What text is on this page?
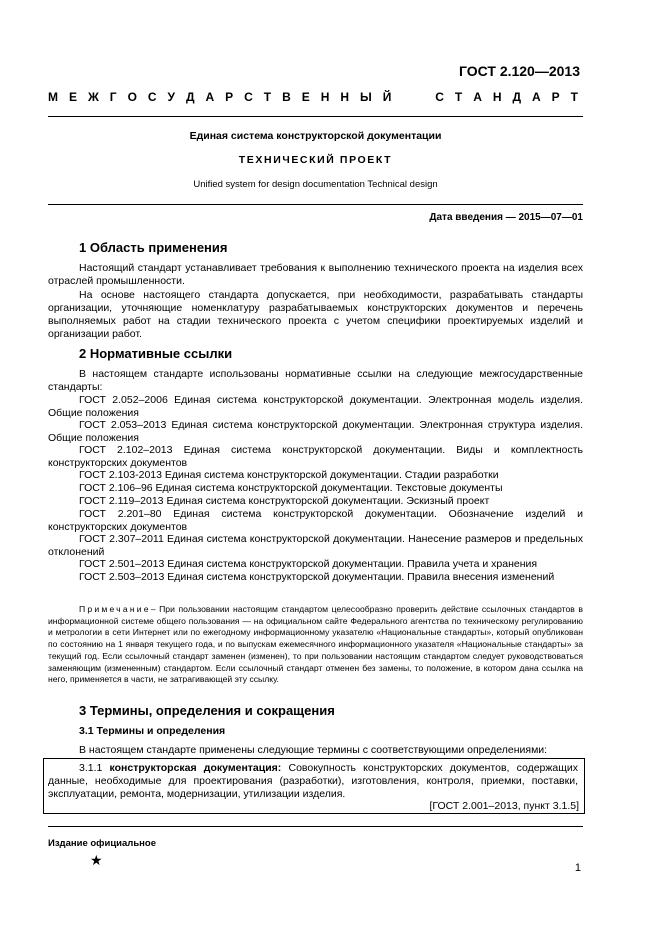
ГОСТ 2.120—2013
М Е Ж Г О С У Д А Р С Т В Е Н Н Ы Й	С Т А Н Д А Р Т
Единая система конструкторской документации
ТЕХНИЧЕСКИЙ ПРОЕКТ
Unified system for design documentation Technical design
Дата введения — 2015—07—01
1 Область применения
Настоящий стандарт устанавливает требования к выполнению технического проекта на изделия всех отраслей промышленности.
На основе настоящего стандарта допускается, при необходимости, разрабатывать стандарты организации, уточняющие номенклатуру разрабатываемых конструкторских документов и перечень выполняемых работ на стадии технического проекта с учетом специфики проектируемых изделий и организации работ.
2 Нормативные ссылки
В настоящем стандарте использованы нормативные ссылки на следующие межгосударственные стандарты:
ГОСТ 2.052–2006 Единая система конструкторской документации. Электронная модель изделия. Общие положения
ГОСТ 2.053–2013 Единая система конструкторской документации. Электронная структура изделия. Общие положения
ГОСТ 2.102–2013 Единая система конструкторской документации. Виды и комплектность конструкторских документов
ГОСТ 2.103-2013 Единая система конструкторской документации. Стадии разработки
ГОСТ 2.106–96 Единая система конструкторской документации. Текстовые документы
ГОСТ 2.119–2013 Единая система конструкторской документации. Эскизный проект
ГОСТ 2.201–80 Единая система конструкторской документации. Обозначение изделий и конструкторских документов
ГОСТ 2.307–2011 Единая система конструкторской документации. Нанесение размеров и предельных отклонений
ГОСТ 2.501–2013 Единая система конструкторской документации. Правила учета и хранения
ГОСТ 2.503–2013 Единая система конструкторской документации. Правила внесения изменений
Примечание– При пользовании настоящим стандартом целесообразно проверить действие ссылочных стандартов в информационной системе общего пользования — на официальном сайте Федерального агентства по техническому регулированию и метрологии в сети Интернет или по ежегодному информационному указателю «Национальные стандарты», который опубликован по состоянию на 1 января текущего года, и по выпускам ежемесячного информационного указателя «Национальные стандарты» за текущий год. Если ссылочный стандарт заменен (изменен), то при пользовании настоящим стандартом следует руководствоваться заменяющим (измененным) стандартом. Если ссылочный стандарт отменен без замены, то положение, в котором дана ссылка на него, применяется в части, не затрагивающей эту ссылку.
3 Термины, определения и сокращения
3.1 Термины и определения
В настоящем стандарте применены следующие термины с соответствующими определениями:
3.1.1 конструкторская документация: Совокупность конструкторских документов, содержащих данные, необходимые для проектирования (разработки), изготовления, контроля, приемки, поставки, эксплуатации, ремонта, модернизации, утилизации изделия.
[ГОСТ 2.001–2013, пункт 3.1.5]
Издание официальное
★	1
